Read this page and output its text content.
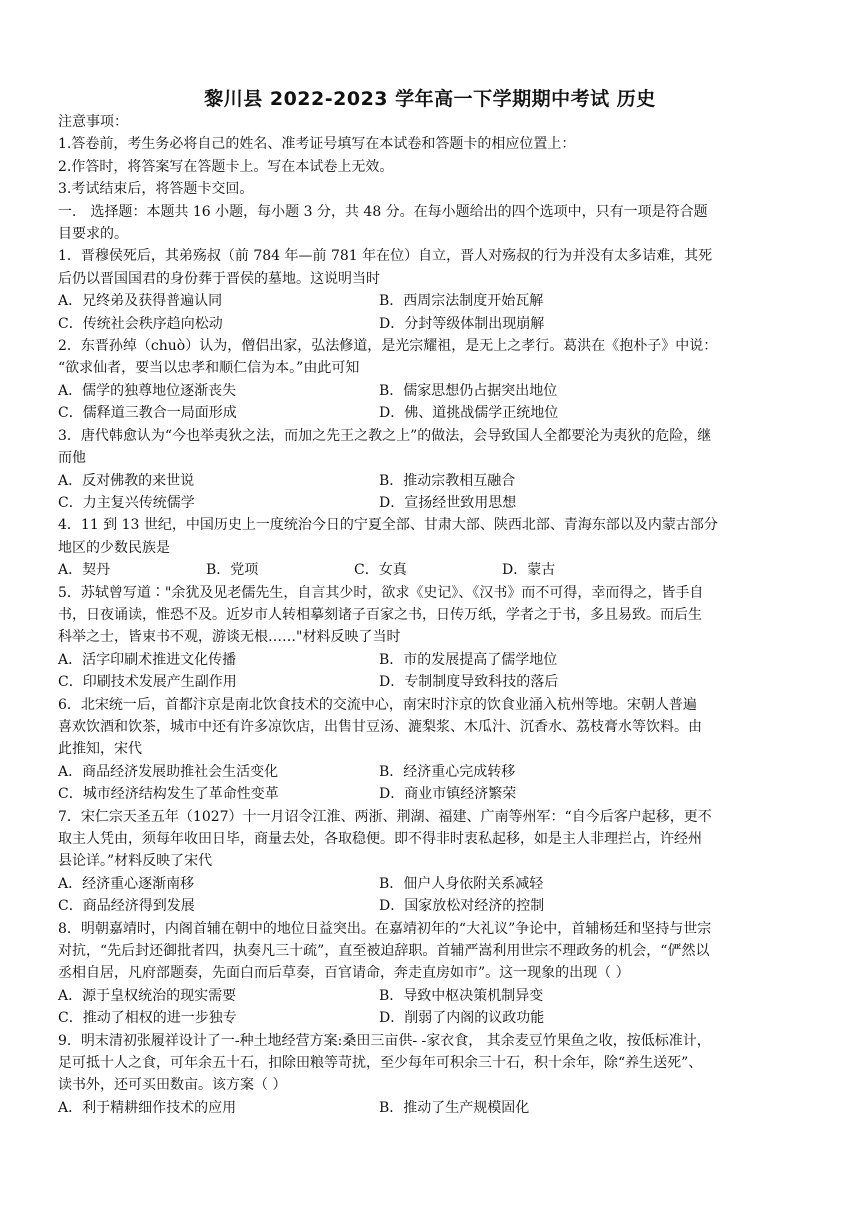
黎川县 2022-2023 学年高一下学期期中考试 历史

注意事项：

1.答卷前，考生务必将自己的姓名、准考证号填写在本试卷和答题卡的相应位置上：

2.作答时，将答案写在答题卡上。写在本试卷上无效。

3.考试结束后，将答题卡交回。

一． 选择题：本题共 16 小题，每小题 3 分，共 48 分。在每小题给出的四个选项中，只有一项是符合题

目要求的。

1．晋穆侯死后，其弟殇叔（前 784 年—前 781 年在位）自立，晋人对殇叔的行为并没有太多诘难，其死

后仍以晋国国君的身份葬于晋侯的墓地。这说明当时

A．兄终弟及获得普遍认同	B．西周宗法制度开始瓦解
C．传统社会秩序趋向松动	D．分封等级体制出现崩解

2．东晋孙绰（chuò）认为，僧侣出家，弘法修道，是光宗耀祖，是无上之孝行。葛洪在《抱朴子》中说：

“欲求仙者，要当以忠孝和顺仁信为本。”由此可知

A．儒学的独尊地位逐渐丧失	B．儒家思想仍占据突出地位
C．儒释道三教合一局面形成	D．佛、道挑战儒学正统地位

3．唐代韩愈认为“今也举夷狄之法，而加之先王之教之上”的做法，会导致国人全都要沦为夷狄的危险，继

而他

A．反对佛教的来世说	B．推动宗教相互融合
C．力主复兴传统儒学	D．宣扬经世致用思想

4．11 到 13 世纪，中国历史上一度统治今日的宁夏全部、甘肃大部、陕西北部、青海东部以及内蒙古部分

地区的少数民族是

A．契丹	B．党项	C．女真	D．蒙古

5．苏轼曾写道∶"余犹及见老儒先生，自言其少时，欲求《史记》、《汉书》而不可得，幸而得之，皆手自

书，日夜诵读，惟恐不及。近岁市人转相摹刻诸子百家之书，日传万纸，学者之于书，多且易致。而后生

科举之士，皆束书不观，游谈无根……"材料反映了当时

A．活字印刷术推进文化传播	B．市的发展提高了儒学地位
C．印刷技术发展产生副作用	D．专制制度导致科技的落后

6．北宋统一后，首都汴京是南北饮食技术的交流中心，南宋时汴京的饮食业涌入杭州等地。宋朝人普遍

喜欢饮酒和饮茶，城市中还有许多凉饮店，出售甘豆汤、漉梨浆、木瓜汁、沉香水、荔枝膏水等饮料。由

此推知，宋代

A．商品经济发展助推社会生活变化	B．经济重心完成转移
C．城市经济结构发生了革命性变革	D．商业市镇经济繁荣

7．宋仁宗天圣五年（1027）十一月诏令江淮、两浙、荆湖、福建、广南等州军：“自今后客户起移，更不

取主人凭由，须每年收田日毕，商量去处，各取稳便。即不得非时衷私起移，如是主人非理拦占，许经州

县论详。”材料反映了宋代

A．经济重心逐渐南移	B．佃户人身依附关系减轻
C．商品经济得到发展	D．国家放松对经济的控制

8．明朝嘉靖时，内阁首辅在朝中的地位日益突出。在嘉靖初年的“大礼议”争论中，首辅杨廷和坚持与世宗

对抗，“先后封还御批者四，执奏凡三十疏”，直至被迫辞职。首辅严嵩利用世宗不理政务的机会，“俨然以

丞相自居，凡府部题奏，先面白而后草奏，百官请命，奔走直房如市”。这一现象的出现（ ）

A．源于皇权统治的现实需要	B．导致中枢决策机制异变
C．推动了相权的进一步独专	D．削弱了内阁的议政功能

9．明末清初张履祥设计了一-种土地经营方案:桑田三亩供- -家衣食， 其余麦豆竹果鱼之收，按低标准计，

足可抵十人之食，可年余五十石，扣除田粮等苛扰，至少每年可积余三十石，积十余年，除“养生送死”、

读书外，还可买田数亩。该方案（ ）

A．利于精耕细作技术的应用	B．推动了生产规模固化
